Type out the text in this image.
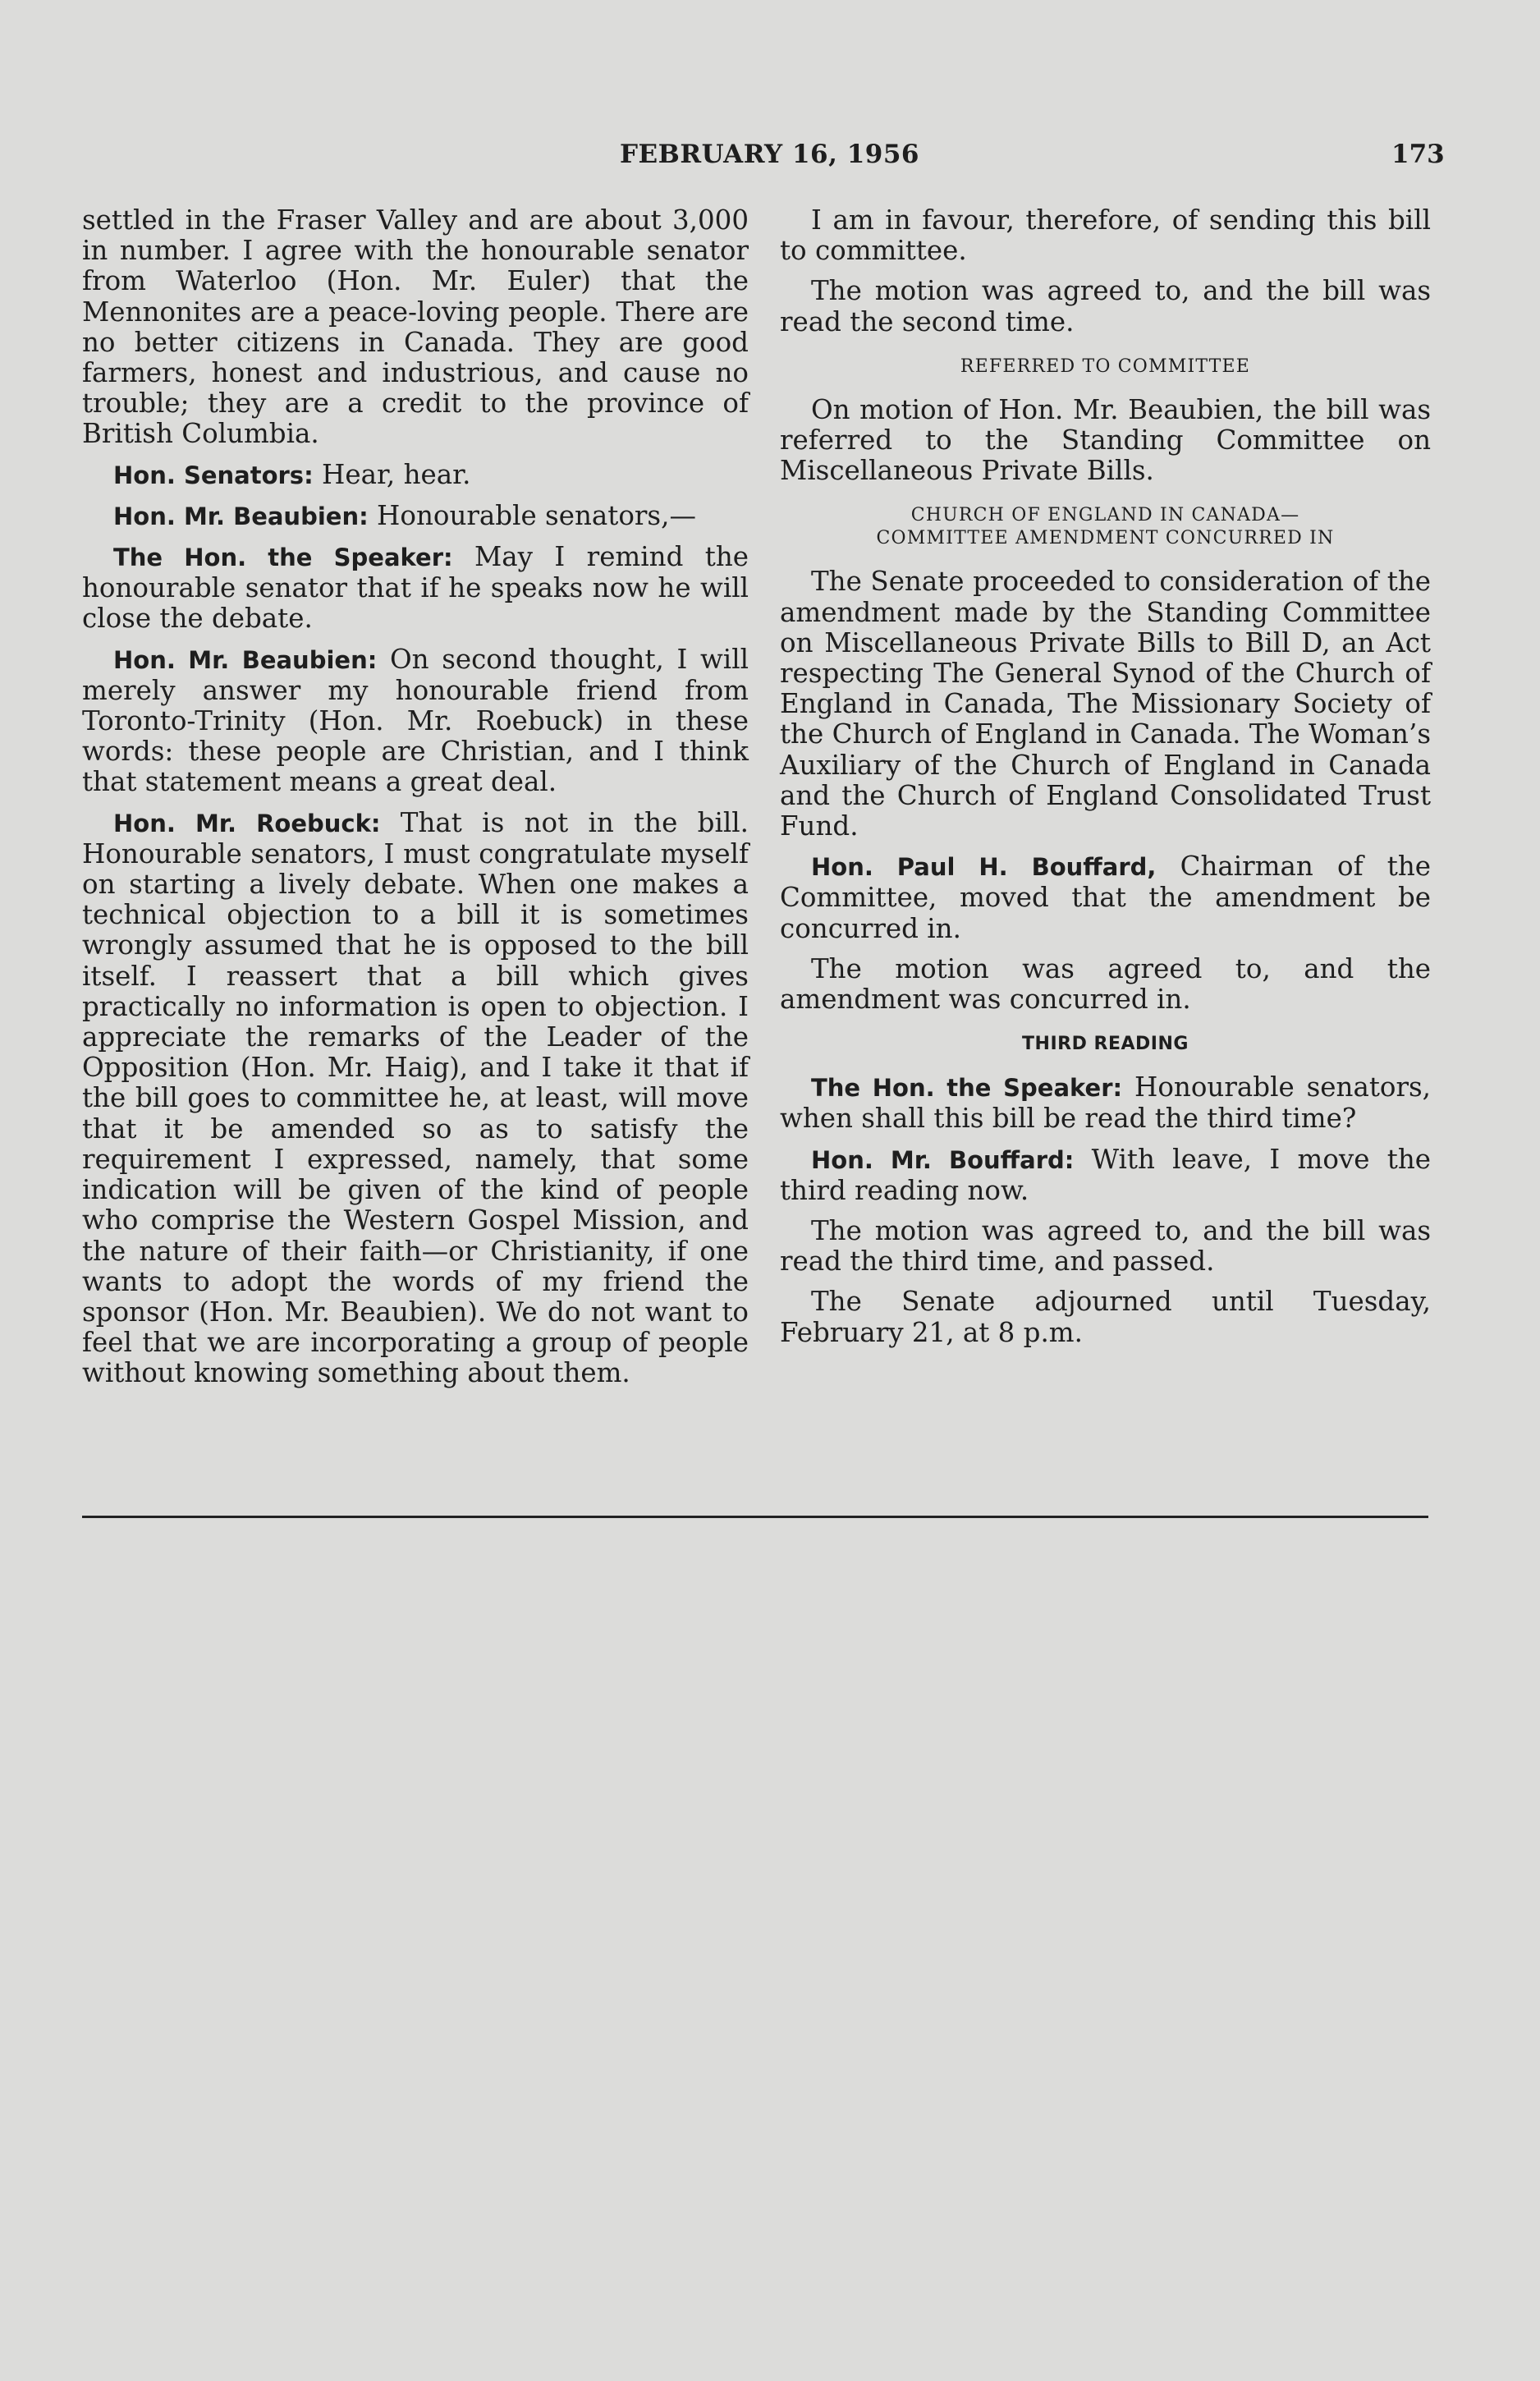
FEBRUARY 16, 1956	173

settled in the Fraser Valley and are about 3,000 in number. I agree with the honourable senator from Waterloo (Hon. Mr. Euler) that the Mennonites are a peace-loving people. There are no better citizens in Canada. They are good farmers, honest and industrious, and cause no trouble; they are a credit to the province of British Columbia.

Hon. Senators: Hear, hear.

Hon. Mr. Beaubien: Honourable senators,—

The Hon. the Speaker: May I remind the honourable senator that if he speaks now he will close the debate.

Hon. Mr. Beaubien: On second thought, I will merely answer my honourable friend from Toronto-Trinity (Hon. Mr. Roebuck) in these words: these people are Christian, and I think that statement means a great deal.

Hon. Mr. Roebuck: That is not in the bill. Honourable senators, I must congratulate myself on starting a lively debate. When one makes a technical objection to a bill it is sometimes wrongly assumed that he is opposed to the bill itself. I reassert that a bill which gives practically no information is open to objection. I appreciate the remarks of the Leader of the Opposition (Hon. Mr. Haig), and I take it that if the bill goes to committee he, at least, will move that it be amended so as to satisfy the requirement I expressed, namely, that some indication will be given of the kind of people who comprise the Western Gospel Mission, and the nature of their faith—or Christianity, if one wants to adopt the words of my friend the sponsor (Hon. Mr. Beaubien). We do not want to feel that we are incorporating a group of people without knowing something about them.

I am in favour, therefore, of sending this bill to committee.

The motion was agreed to, and the bill was read the second time.

REFERRED TO COMMITTEE

On motion of Hon. Mr. Beaubien, the bill was referred to the Standing Committee on Miscellaneous Private Bills.

CHURCH OF ENGLAND IN CANADA—
COMMITTEE AMENDMENT CONCURRED IN

The Senate proceeded to consideration of the amendment made by the Standing Committee on Miscellaneous Private Bills to Bill D, an Act respecting The General Synod of the Church of England in Canada, The Missionary Society of the Church of England in Canada. The Woman’s Auxiliary of the Church of England in Canada and the Church of England Consolidated Trust Fund.

Hon. Paul H. Bouffard, Chairman of the Committee, moved that the amendment be concurred in.

The motion was agreed to, and the amendment was concurred in.

THIRD READING

The Hon. the Speaker: Honourable senators, when shall this bill be read the third time?

Hon. Mr. Bouffard: With leave, I move the third reading now.

The motion was agreed to, and the bill was read the third time, and passed.

The Senate adjourned until Tuesday, February 21, at 8 p.m.
